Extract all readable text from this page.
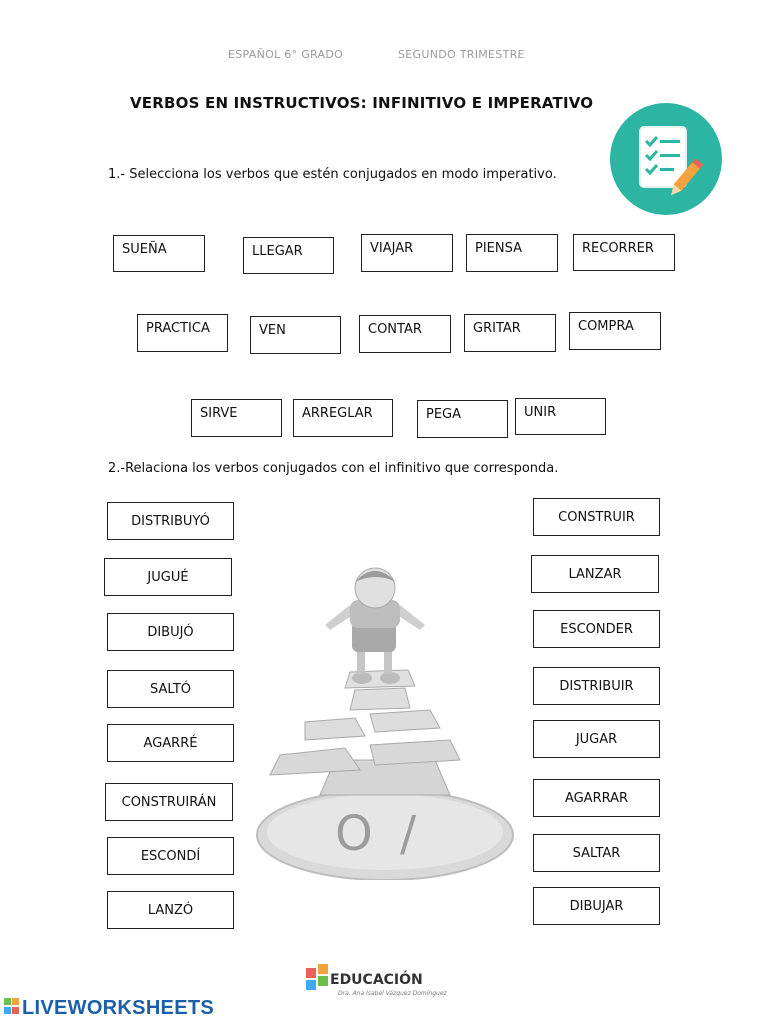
ESPAÑOL 6° GRADO	SEGUNDO TRIMESTRE
VERBOS EN INSTRUCTIVOS: INFINITIVO E IMPERATIVO
1.- Selecciona los verbos que estén conjugados en modo imperativo.
SUEÑA	LLEGAR	VIAJAR	PIENSA	RECORRER
PRACTICA	VEN	CONTAR	GRITAR	COMPRA
SIRVE	ARREGLAR	PEGA	UNIR
2.-Relaciona los verbos conjugados con el infinitivo que corresponda.
DISTRIBUYÓ
JUGUÉ
DIBUJÓ
SALTÓ
AGARRÉ
CONSTRUIRÁN
ESCONDÍ
LANZÓ
CONSTRUIR
LANZAR
ESCONDER
DISTRIBUIR
JUGAR
AGARRAR
SALTAR
DIBUJAR
O /
EDUCACIÓN
Dra. Ana Isabel Vázquez Domínguez
LIVEWORKSHEETS
